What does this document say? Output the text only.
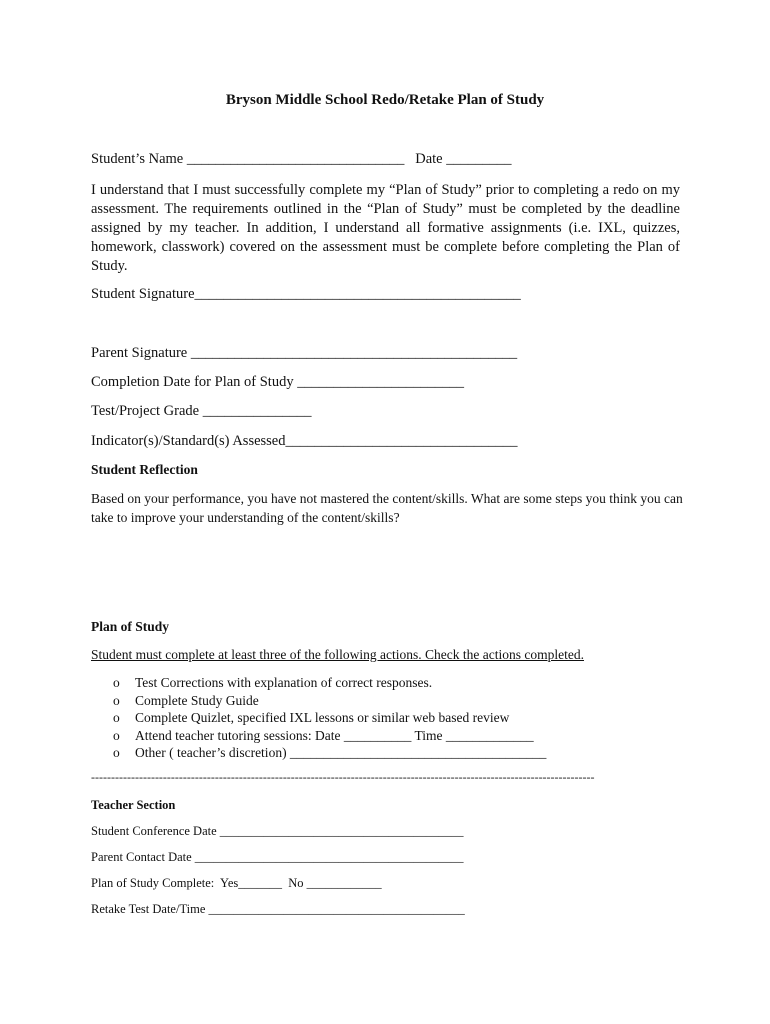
Bryson Middle School Redo/Retake Plan of Study
Student’s Name ______________________________   Date _________
I understand that I must successfully complete my “Plan of Study” prior to completing a redo on my assessment. The requirements outlined in the “Plan of Study” must be completed by the deadline assigned by my teacher. In addition, I understand all formative assignments (i.e. IXL, quizzes, homework, classwork) covered on the assessment must be complete before completing the Plan of Study.
Student Signature_____________________________________________
Parent Signature _____________________________________________
Completion Date for Plan of Study _______________________
Test/Project Grade _______________
Indicator(s)/Standard(s) Assessed________________________________
Student Reflection
Based on your performance, you have not mastered the content/skills. What are some steps you think you can take to improve your understanding of the content/skills?
Plan of Study
Student must complete at least three of the following actions. Check the actions completed.
o Test Corrections with explanation of correct responses.
o Complete Study Guide
o Complete Quizlet, specified IXL lessons or similar web based review
o Attend teacher tutoring sessions: Date __________ Time _____________
o Other ( teacher’s discretion) ______________________________________
------------------------------------------------------------------------------------------------------------------------------
Teacher Section
Student Conference Date _______________________________________
Parent Contact Date ___________________________________________
Plan of Study Complete:  Yes_______  No ____________
Retake Test Date/Time _________________________________________
